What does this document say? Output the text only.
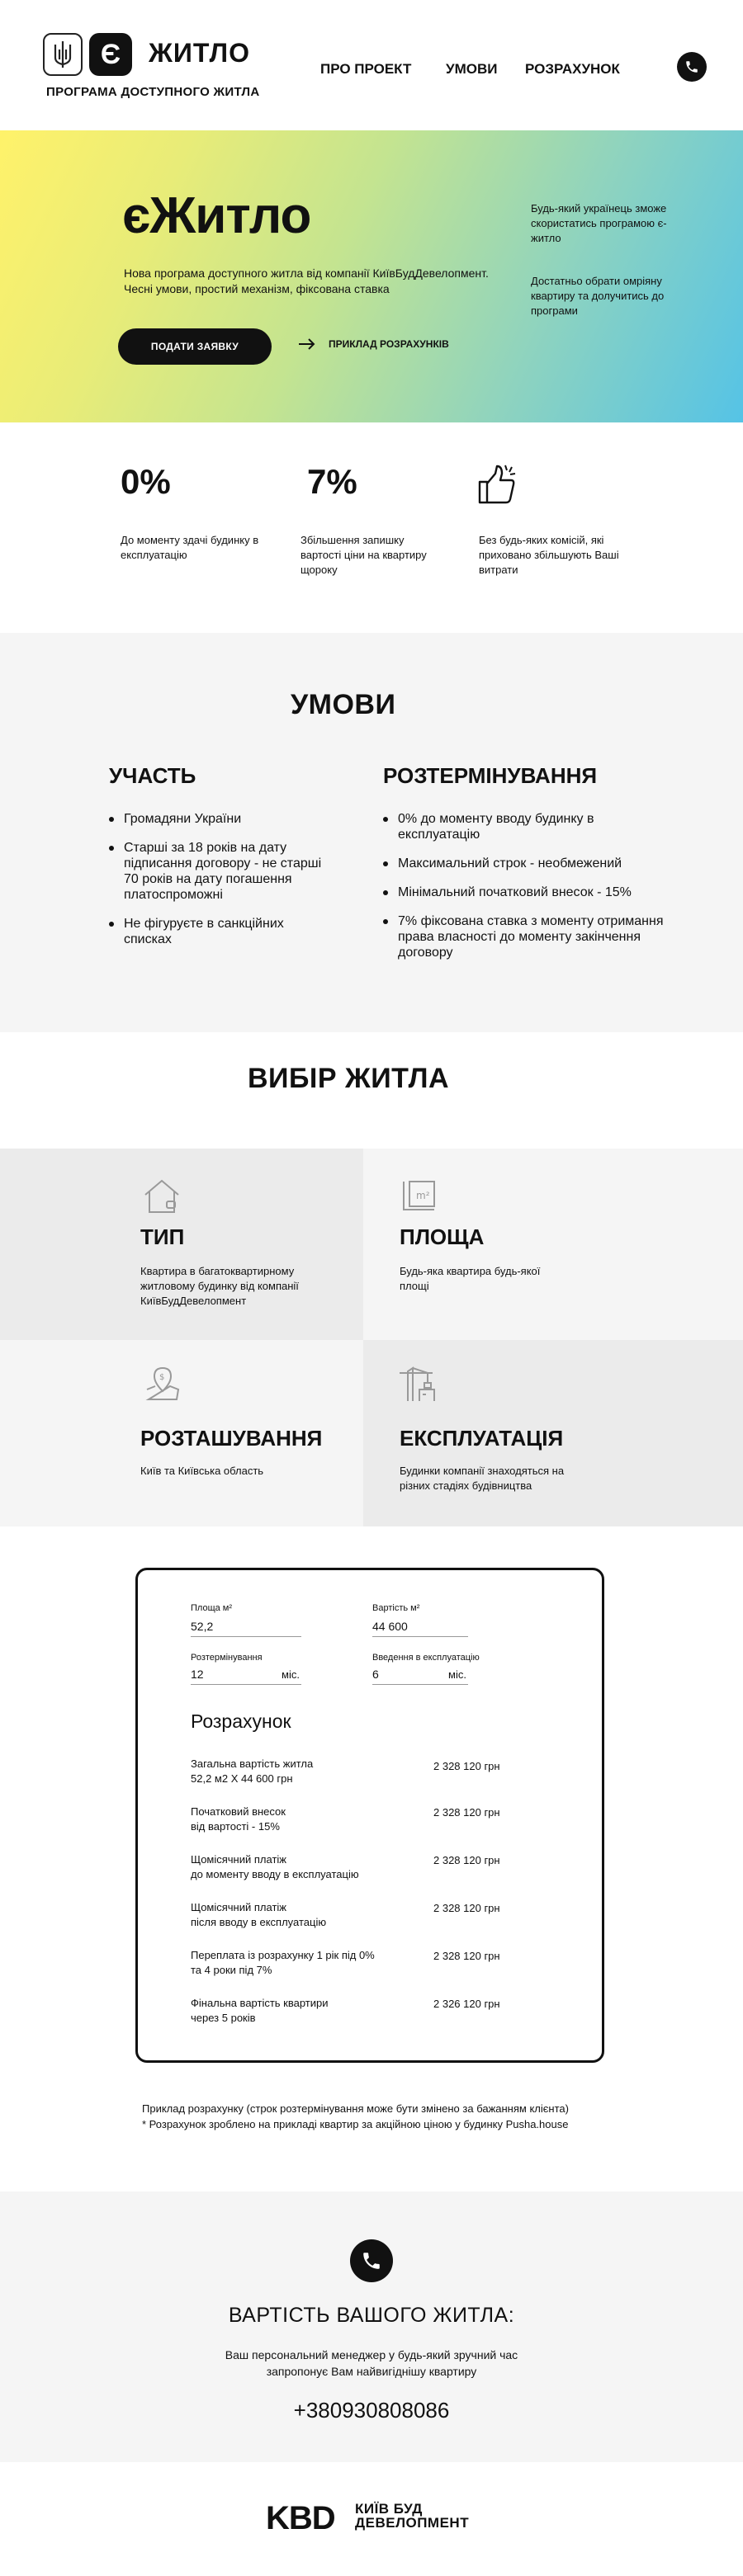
Є	ЖИТЛО
ПРОГРАМА ДОСТУПНОГО ЖИТЛА
ПРО ПРОЕКТ УМОВИ РОЗРАХУНОК
єЖитло
Нова програма доступного житла від компанії КиївБудДевелопмент. Чесні умови, простий механізм, фіксована ставка
ПОДАТИ ЗАЯВКУ	ПРИКЛАД РОЗРАХУНКІВ
Будь-який українець зможе скористатись програмою є-житло
Достатньо обрати омріяну квартиру та долучитись до програми
0%
До моменту здачі будинку в експлуатацію
7%
Збільшення запишку вартості ціни на квартиру щороку
Без будь-яких комісій, які приховано збільшують Ваші витрати
УМОВИ
УЧАСТЬ
Громадяни України
Старші за 18 років на дату підписання договору - не старші 70 років на дату погашення платоспроможні
Не фігуруєте в санкційних списках
РОЗТЕРМІНУВАННЯ
0% до моменту вводу будинку в експлуатацію
Максимальний строк - необмежений
Мінімальний початковий внесок - 15%
7% фіксована ставка з моменту отримання права власності до моменту закінчення договору
ВИБІР ЖИТЛА
ТИП
Квартира в багатоквартирному житловому будинку від компанії КиївБудДевелопмент
m²
ПЛОЩА
Будь-яка квартира будь-якої площі
$
РОЗТАШУВАННЯ
Київ та Київська область
ЕКСПЛУАТАЦІЯ
Будинки компанії знаходяться на різних стадіях будівництва
Площа м²
52,2
Вартість м²
44 600
Розтермінування
12	міс.
Введення в експлуатацію
6	міс.
Розрахунок
Загальна вартість житла
52,2 м2 X 44 600 грн
2 328 120 грн
Початковий внесок
від вартості - 15%
2 328 120 грн
Щомісячний платіж
до моменту вводу в експлуатацію
2 328 120 грн
Щомісячний платіж
після вводу в експлуатацію
2 328 120 грн
Переплата із розрахунку 1 рік під 0%
та 4 роки під 7%
2 328 120 грн
Фінальна вартість квартири
через 5 років
2 326 120 грн
Приклад розрахунку (строк розтермінування може бути змінено за бажанням клієнта)
* Розрахунок зроблено на прикладі квартир за акційною ціною у будинку Pusha.house
ВАРТІСТЬ ВАШОГО ЖИТЛА:
Ваш персональний менеджер у будь-який зручний час
запропонує Вам найвигіднішу квартиру
+380930808086
KBD КИЇВ БУД
ДЕВЕЛОПМЕНТ
